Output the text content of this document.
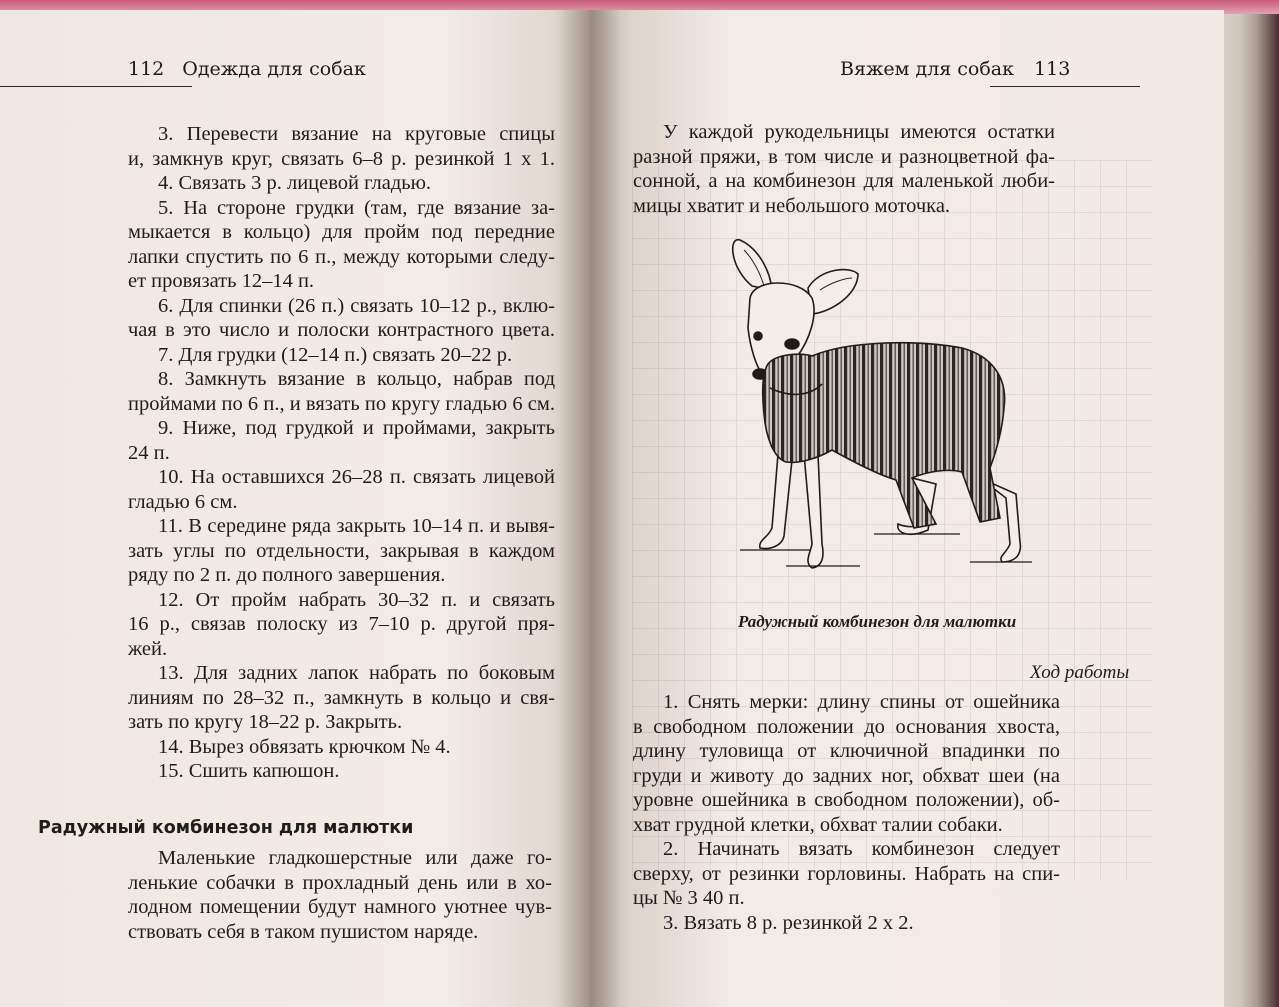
112 Одежда для собак	Вяжем для собак 113
3. Перевести вязание на круговые спицы
и, замкнув круг, связать 6–8 р. резинкой 1 х 1.
4. Связать 3 р. лицевой гладью.
5. На стороне грудки (там, где вязание за-
мыкается в кольцо) для пройм под передние
лапки спустить по 6 п., между которыми следу-
ет провязать 12–14 п.
6. Для спинки (26 п.) связать 10–12 р., вклю-
чая в это число и полоски контрастного цвета.
7. Для грудки (12–14 п.) связать 20–22 р.
8. Замкнуть вязание в кольцо, набрав под
проймами по 6 п., и вязать по кругу гладью 6 см.
9. Ниже, под грудкой и проймами, закрыть
24 п.
10. На оставшихся 26–28 п. связать лицевой
гладью 6 см.
11. В середине ряда закрыть 10–14 п. и вывя-
зать углы по отдельности, закрывая в каждом
ряду по 2 п. до полного завершения.
12. От пройм набрать 30–32 п. и связать
16 р., связав полоску из 7–10 р. другой пря-
жей.
13. Для задних лапок набрать по боковым
линиям по 28–32 п., замкнуть в кольцо и свя-
зать по кругу 18–22 р. Закрыть.
14. Вырез обвязать крючком № 4.
15. Сшить капюшон.
Радужный комбинезон для малютки
Маленькие гладкошерстные или даже го-
ленькие собачки в прохладный день или в хо-
лодном помещении будут намного уютнее чув-
ствовать себя в таком пушистом наряде.
У каждой рукодельницы имеются остатки
разной пряжи, в том числе и разноцветной фа-
сонной, а на комбинезон для маленькой люби-
мицы хватит и небольшого моточка.
Радужный комбинезон для малютки
Ход работы
1. Снять мерки: длину спины от ошейника
в свободном положении до основания хвоста,
длину туловища от ключичной впадинки по
груди и животу до задних ног, обхват шеи (на
уровне ошейника в свободном положении), об-
хват грудной клетки, обхват талии собаки.
2. Начинать вязать комбинезон следует
сверху, от резинки горловины. Набрать на спи-
цы № 3 40 п.
3. Вязать 8 р. резинкой 2 х 2.
